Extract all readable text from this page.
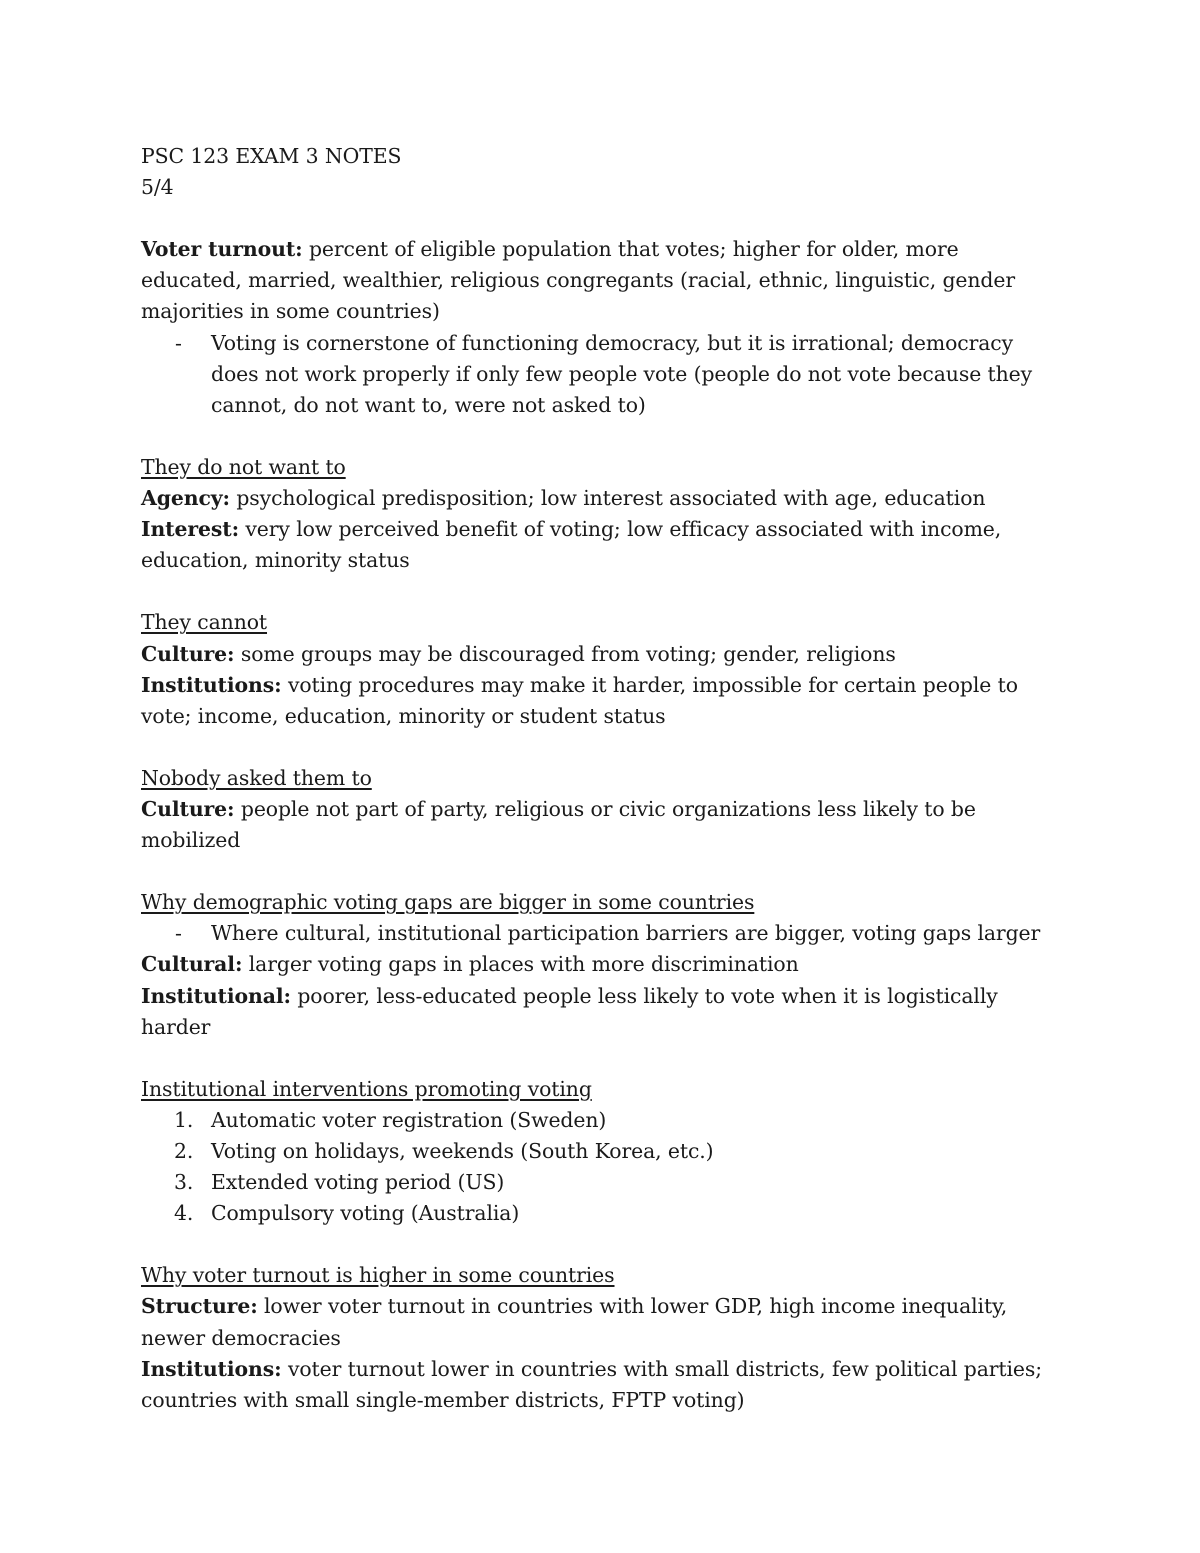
PSC 123 EXAM 3 NOTES

5/4

Voter turnout: percent of eligible population that votes; higher for older, more educated, married, wealthier, religious congregants (racial, ethnic, linguistic, gender majorities in some countries)

- Voting is cornerstone of functioning democracy, but it is irrational; democracy does not work properly if only few people vote (people do not vote because they cannot, do not want to, were not asked to)

They do not want to

Agency: psychological predisposition; low interest associated with age, education

Interest: very low perceived benefit of voting; low efficacy associated with income, education, minority status

They cannot

Culture: some groups may be discouraged from voting; gender, religions

Institutions: voting procedures may make it harder, impossible for certain people to vote; income, education, minority or student status

Nobody asked them to

Culture: people not part of party, religious or civic organizations less likely to be mobilized

Why demographic voting gaps are bigger in some countries

- Where cultural, institutional participation barriers are bigger, voting gaps larger

Cultural: larger voting gaps in places with more discrimination

Institutional: poorer, less-educated people less likely to vote when it is logistically harder

Institutional interventions promoting voting

1. Automatic voter registration (Sweden)
2. Voting on holidays, weekends (South Korea, etc.)
3. Extended voting period (US)
4. Compulsory voting (Australia)

Why voter turnout is higher in some countries

Structure: lower voter turnout in countries with lower GDP, high income inequality, newer democracies

Institutions: voter turnout lower in countries with small districts, few political parties; countries with small single-member districts, FPTP voting)
